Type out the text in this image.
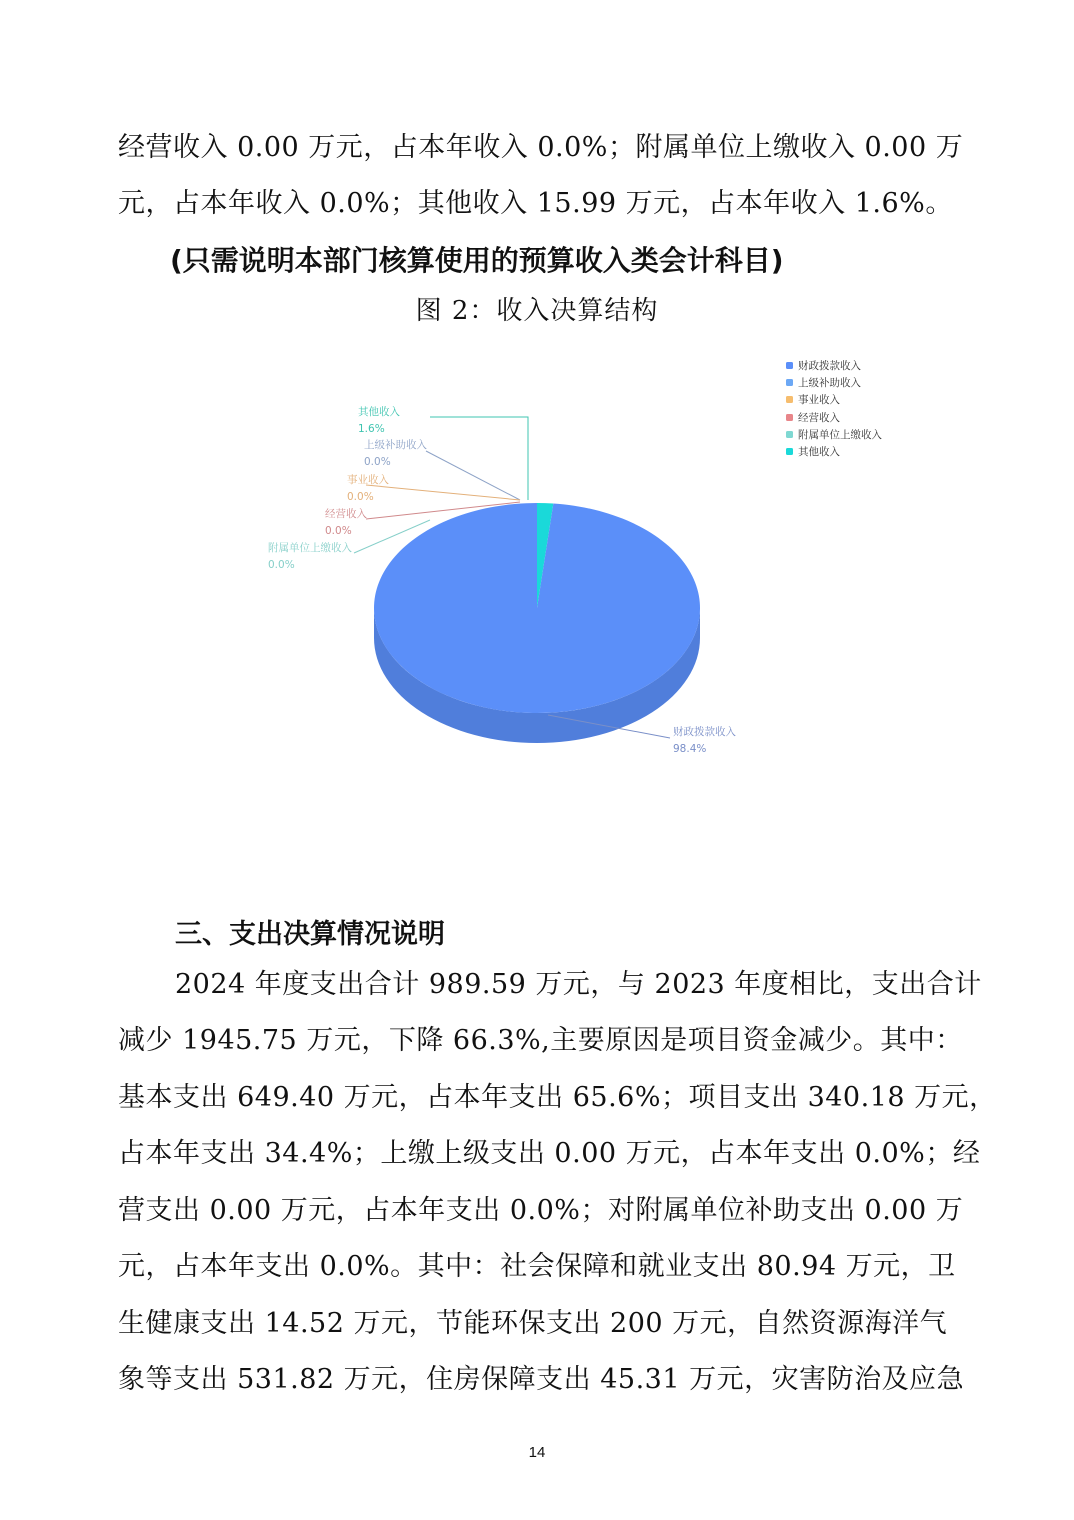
经营收入 0.00 万元，占本年收入 0.0%；附属单位上缴收入 0.00 万
元，占本年收入 0.0%；其他收入 15.99 万元，占本年收入 1.6%。
(只需说明本部门核算使用的预算收入类会计科目)
图 2：收入决算结构
其他收入
1.6%
上级补助收入
0.0%
事业收入
0.0%
经营收入
0.0%
附属单位上缴收入
0.0%
财政拨款收入
98.4%
财政拨款收入
上级补助收入
事业收入
经营收入
附属单位上缴收入
其他收入
三、支出决算情况说明
2024 年度支出合计 989.59 万元，与 2023 年度相比，支出合计
减少 1945.75 万元，下降 66.3%,主要原因是项目资金减少。其中：
基本支出 649.40 万元，占本年支出 65.6%；项目支出 340.18 万元，
占本年支出 34.4%；上缴上级支出 0.00 万元，占本年支出 0.0%；经
营支出 0.00 万元，占本年支出 0.0%；对附属单位补助支出 0.00 万
元，占本年支出 0.0%。其中：社会保障和就业支出 80.94 万元，卫
生健康支出 14.52 万元，节能环保支出 200 万元，自然资源海洋气
象等支出 531.82 万元，住房保障支出 45.31 万元，灾害防治及应急
14
